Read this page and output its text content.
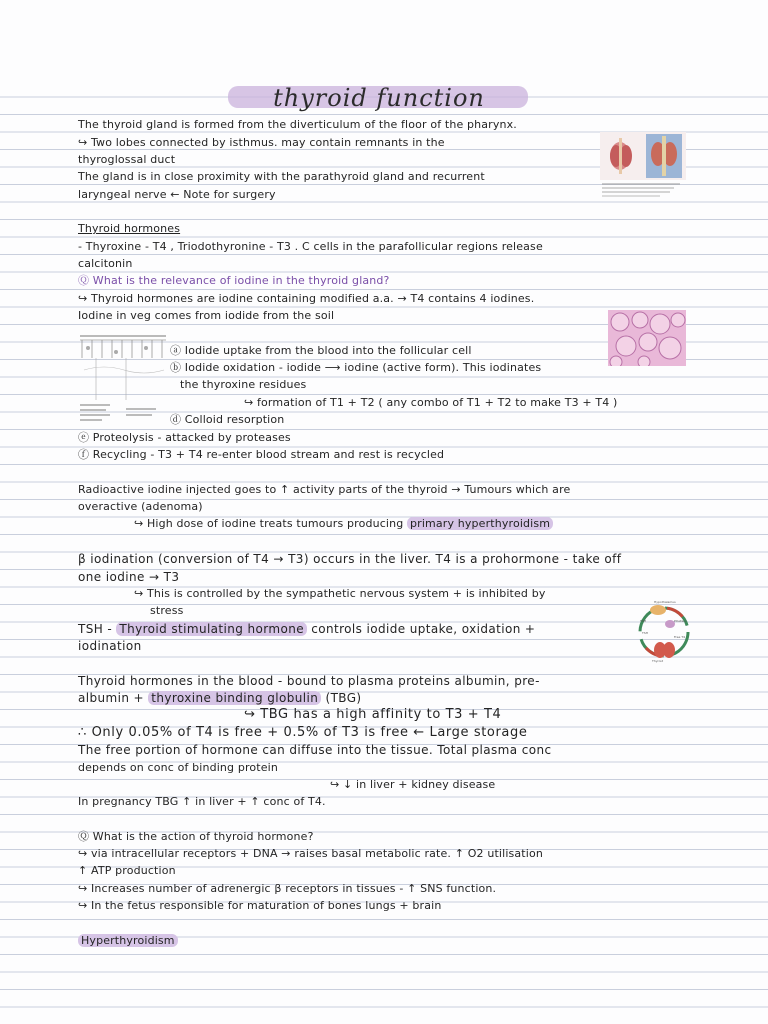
thyroid function
The thyroid gland is formed from the diverticulum of the floor of the pharynx.
↪ Two lobes connected by isthmus. may contain remnants in the
thyroglossal duct
The gland is in close proximity with the parathyroid gland and recurrent
laryngeal nerve ← Note for surgery
Thyroid hormones
- Thyroxine - T4 , Triodothyronine - T3 . C cells in the parafollicular regions release
calcitonin
Ⓠ What is the relevance of iodine in the thyroid gland?
↪ Thyroid hormones are iodine containing modified a.a. → T4 contains 4 iodines.
Iodine in veg comes from iodide from the soil
ⓐ Iodide uptake from the blood into the follicular cell
ⓑ Iodide oxidation - iodide ⟶ iodine (active form). This iodinates
the thyroxine residues
↪ formation of T1 + T2 ( any combo of T1 + T2 to make T3 + T4 )
ⓓ Colloid resorption
ⓔ Proteolysis - attacked by proteases
ⓕ Recycling - T3 + T4 re-enter blood stream and rest is recycled
Radioactive iodine injected goes to ↑ activity parts of the thyroid → Tumours which are
overactive (adenoma)
↪ High dose of iodine treats tumours producing primary hyperthyroidism
β iodination (conversion of T4 → T3) occurs in the liver. T4 is a prohormone - take off
one iodine → T3
↪ This is controlled by the sympathetic nervous system + is inhibited by
stress
TSH - Thyroid stimulating hormone controls iodide uptake, oxidation +
iodination
Hypothalamus
Pituitary
TRH
TSH
Thyroid
Free T4
Thyroid hormones in the blood - bound to plasma proteins albumin, pre-
albumin + thyroxine binding globulin (TBG)
↪ TBG has a high affinity to T3 + T4
∴ Only 0.05% of T4 is free + 0.5% of T3 is free ← Large storage
The free portion of hormone can diffuse into the tissue. Total plasma conc
depends on conc of binding protein
↪ ↓ in liver + kidney disease
In pregnancy TBG ↑ in liver + ↑ conc of T4.
Ⓠ What is the action of thyroid hormone?
↪ via intracellular receptors + DNA → raises basal metabolic rate. ↑ O2 utilisation
↑ ATP production
↪ Increases number of adrenergic β receptors in tissues - ↑ SNS function.
↪ In the fetus responsible for maturation of bones lungs + brain
Hyperthyroidism
